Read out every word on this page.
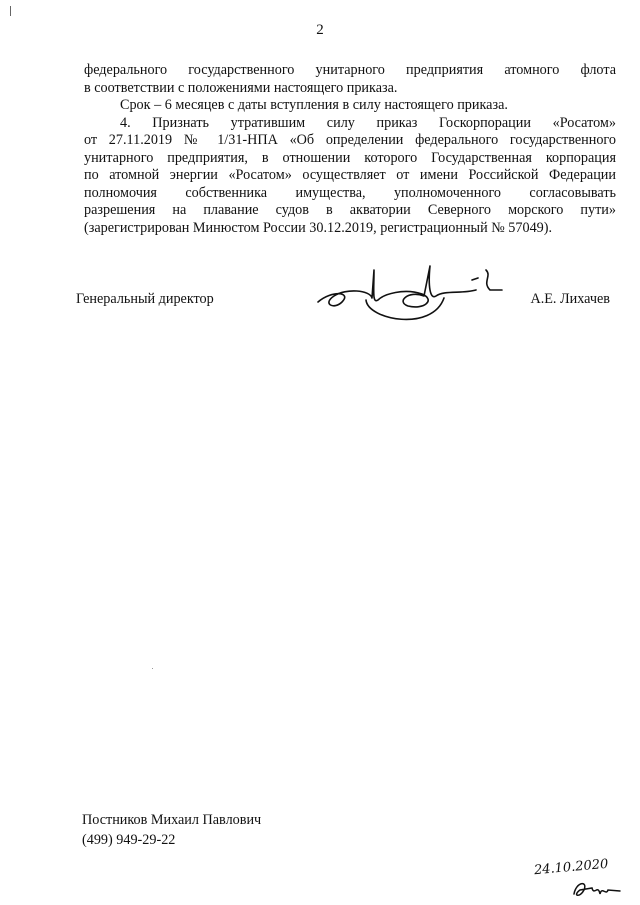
2

федерального государственного унитарного предприятия атомного флота

в соответствии с положениями настоящего приказа.

Срок – 6 месяцев с даты вступления в силу настоящего приказа.

4. Признать утратившим силу приказ Госкорпорации «Росатом»

от 27.11.2019 № 1/31-НПА «Об определении федерального государственного

унитарного предприятия, в отношении которого Государственная корпорация

по атомной энергии «Росатом» осуществляет от имени Российской Федерации

полномочия собственника имущества, уполномоченного согласовывать

разрешения на плавание судов в акватории Северного морского пути»

(зарегистрирован Минюстом России 30.12.2019, регистрационный № 57049).

Генеральный директор	А.Е. Лихачев
Постников Михаил Павлович
(499) 949-29-22
24.10.2020
